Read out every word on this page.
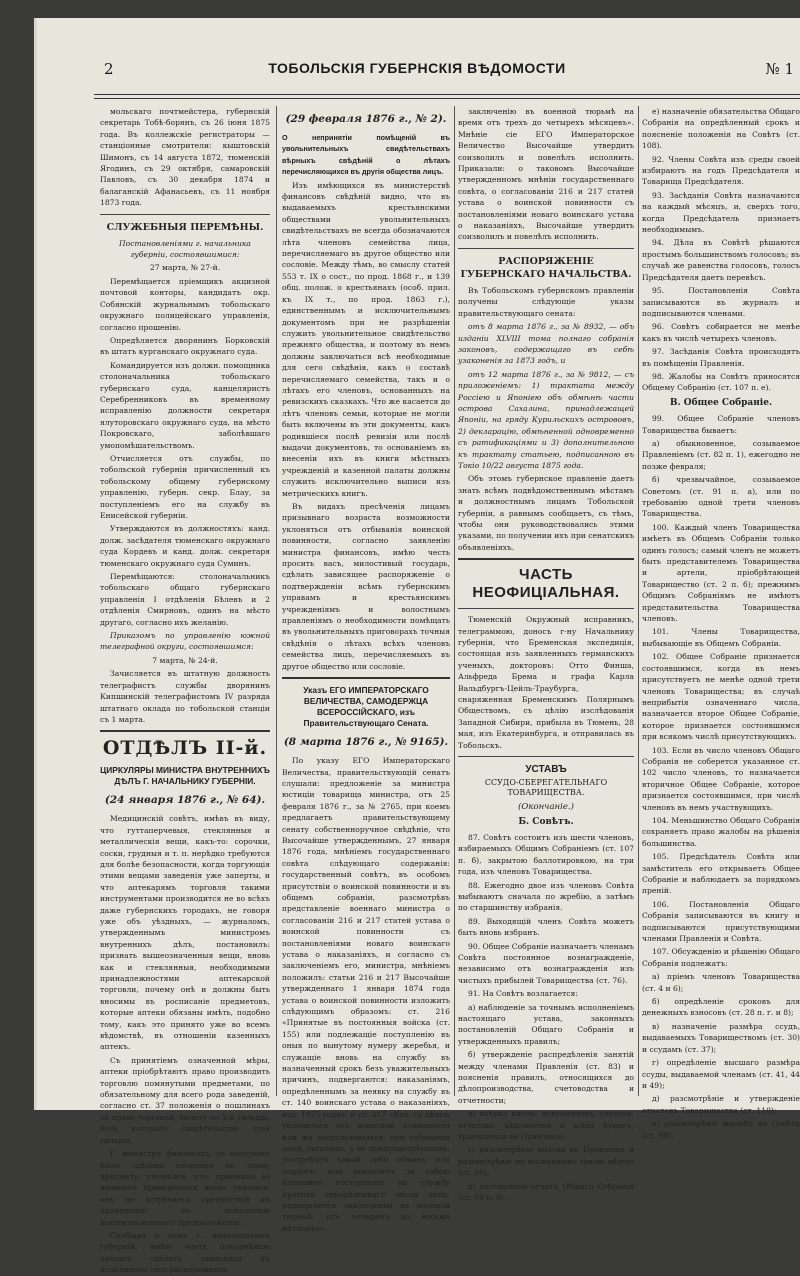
2	ТОБОЛЬСКІЯ ГУБЕРНСКІЯ ВѢДОМОСТИ	№ 1

мольскаго почтмейстера, губернскій секретарь Тобѣ-борянъ, съ 26 іюня 1875 года. Въ коллежскіе регистраторы — станціонные смотрители: кыштовскій Шимонъ, съ 14 августа 1872, тюменскій Ягодинъ, съ 29 октября, самаровскій Павловъ, съ 30 декабря 1874 и балаганскій Афанасьевъ, съ 11 ноября 1873 года.

СЛУЖЕБНЫЯ ПЕРЕМѢНЫ.

Постановленіями г. начальника губерніи, состоявшимися:

27 марта, № 27-й.

Перемѣщается пріемщикъ акцизной почтовой конторы, кандидатъ окр. Собянскій журнальнымъ тобольскаго окружнаго полицейскаго управленія, согласно прошенію.

Опредѣляется дворянинъ Борковскій въ штатъ курганскаго окружнаго суда.

Командируется изъ должн. помощника столоначальника тобольскаго губернскаго суда, канцеляристъ Серебренниковъ въ временному исправленію должности секретаря ялуторовскаго окружнаго суда, на мѣсто Покровскаго, заболѣвшаго умопомѣшательствомъ.

Отчисляется отъ службы, по тобольской губерніи причисленный къ тобольскому общему губернскому управленію, губерн. секр. Блау, за поступленіемъ его на службу въ Енисейской губерніи.

Утверждаются въ должностяхъ: канд. долж. засѣдателя тюменскаго окружнаго суда Кордевъ и канд. долж. секретаря тюменскаго окружнаго суда Суминъ.

Перемѣщаются: столоначальникъ тобольскаго общаго губернскаго управленія І отдѣленія Бѣлевъ и 2 отдѣленія Смирновъ, одинъ на мѣсто другаго, согласно ихъ желанію.

Приказомъ по управленію южной телеграфной округи, состоявшимся:

7 марта, № 24-й.

Зачисляется въ штатную должность телеграфистъ службы дворянинъ Кипшинскій телеграфистомъ IV разряда штатнаго оклада по тобольской станціи съ 1 марта.

ОТДѢЛЪ II-й.
ЦИРКУЛЯРЫ МИНИСТРА ВНУТРЕННИХЪ ДѢЛЪ Г. НАЧАЛЬНИКУ ГУБЕРНІИ.
(24 января 1876 г., № 64).

Медицинскій совѣтъ, имѣвъ въ виду, что гуттаперчевыя, стеклянныя и металлическія вещи, какъ-то: сорочки, соски, грудныя и т. п. нерѣдко требуются для болѣе безопасности, когда торгующія этими вещами заведенія уже заперты, и что аптекарямъ торговля такими инструментами производится не во всѣхъ даже губернскихъ городахъ, не говоря уже объ уѣздныхъ, — журналомъ, утвержденнымъ министромъ внутреннихъ дѣлъ, постановилъ: признать вышеозначенныя вещи, вновь как и стеклянныя, необходимыми принадлежностями аптекарской торговли, почему онѣ и должны быть вносимы въ росписаніе предметовъ, которые аптеки обязаны имѣть, подобно тому, какъ это принято уже во всемъ вѣдомствѣ, въ отношеніи казенныхъ аптекъ.

Съ принятіемъ означенной мѣры, аптеки пріобрѣтаютъ право производить торговлю помянутыми предметами, по обязательному для всего рода заведеній, согласно ст. 37 положенія о пошлинахъ за право торговли, билету по 2-й гильдіи, безъ котораго свидѣтельства этой гильдіи.

Г. министръ финансовъ, съ которымъ было сдѣлано сношеніе по этому предмету, отозвался, что, принимая во вниманіе приведенныя выше указанія, онъ не встрѣчаетъ препятствій къ приведенію въ исполненіе вышеизложеннаго предположенія.

Сообщая о семъ г. начальникамъ губерній, имѣю честь покорнѣйше просить сдѣлать зависящія къ исполненію сего распоряженія.

(29 февраля 1876 г., № 2).

О непринятіи помѣщеній въ увольнительныхъ свидѣтельствахъ вѣрныхъ свѣдѣній о лѣтахъ перечисляющихся въ другія общества лицъ.

Изъ имѣющихся въ министерствѣ финансовъ свѣдѣній видно, что въ выдаваемыхъ крестьянскими обществами увольнительныхъ свидѣтельствахъ не всегда обозначаются лѣта членовъ семейства лица, перечисляемаго въ другое общество или сословіе. Между тѣмъ, во смыслу статей 553 т. IX о сост., по прод. 1868 г., и 139 общ. полож. о крестьянахъ (особ. прил. къ IX т., по прод. 1863 г.), единственнымъ и исключительнымъ документомъ при не разрѣшеніи служить увольнительное свидѣтельство прежняго общества, и поэтому въ немъ должны заключаться всѣ необходимые для сего свѣдѣнія, какъ о составѣ перечисляемаго семейства, такъ и о лѣтахъ его членовъ, основанныхъ на ревизскихъ сказкахъ. Что же касается до лѣтъ членовъ семьи, которые не могли быть включены въ эти документы, какъ родившіеся послѣ ревизіи или послѣ выдачи документовъ, то основаніемъ въ внесеніи ихъ въ книги мѣстныхъ учрежденій и казенной палаты должны служить исключительно выписи изъ метрическихъ книгъ.

Въ видахъ пресѣченія лицамъ призывнаго возраста возможности уклоняться отъ отбыванія воинской повинности, согласно заявленію министра финансовъ, имѣю честь просить васъ, милостивый государь, сдѣлать зависящее распоряженіе о подтвержденіи всѣмъ губернскимъ управамъ и крестьянскимъ учрежденіямъ и волостнымъ правленіямъ о необходимости помѣщать въ увольнительныхъ приговорахъ точныя свѣдѣнія о лѣтахъ всѣхъ членовъ семейства лицъ, перечисляемыхъ въ другое общество или сословіе.

Указъ ЕГО ИМПЕРАТОРСКАГО ВЕЛИЧЕСТВА, САМОДЕРЖЦА ВСЕРОССІЙСКАГО, изъ Правительствующаго Сената.
(8 марта 1876 г., № 9165).

По указу ЕГО Императорскаго Величества, правительствующій сенатъ слушали: предложеніе за министра юстиціи товарища министра, отъ 25 февраля 1876 г., за № 2765, при коемъ предлагаетъ правительствующему сенату собственноручное свѣдѣніе, что Высочайше утвержденнымъ, 27 января 1876 года, мнѣніемъ государственнаго совѣта слѣдующаго содержанія: государственный совѣтъ, въ особомъ присутствіи о воинской повинности и въ общемъ собраніи, разсмотрѣвъ представленіе военнаго министра о согласованіи 216 и 217 статей устава о воинской повинности съ постановленіями новаго воинскаго устава о наказаніяхъ, и согласно съ заключеніемъ его, министра, мнѣніемъ положилъ: статьи 216 и 217 Высочайше утвержденнаго 1 января 1874 года устава о воинской повинности изложить слѣдующимъ образомъ: ст. 216 «Принятые въ постоянныя войска (ст. 155) или подлежащіе поступленію въ оныя по вынутому нумеру жеребья, и служащіе вновь на службу въ назначенный срокъ безъ уважительныхъ причинъ, подвергаются: наказаніямъ, опредѣленнымъ за неявку на службу въ ст. 140 воинскаго устава о наказаніяхъ, изд. 1875 года», и ст. 217 «Кто, съ цѣлью уклониться отъ воинской повинности или же воспользоваться, при отбываніи оной, льготами, а не предусмотрѣннымъ, употребитъ какой либо обманъ или подлогъ, или повлечетъ за собою излишнее поступленіе на службу противъ опредѣленнаго числа лицъ, подвергается заключенію въ военной тюрьмѣ, отъ четырехъ до восьми мѣсяцевъ».

заключенію въ военной тюрьмѣ на время отъ трехъ до четырехъ мѣсяцевъ». Мнѣніе сіе ЕГО Императорское Величество Высочайше утвердить соизволилъ и повелѣлъ исполнить. Приказали: о таковомъ Высочайше утвержденномъ мнѣніи государственнаго совѣта, о согласованіи 216 и 217 статей устава о воинской повинности съ постановленіями новаго воинскаго устава о наказаніяхъ, Высочайше утвердить соизволилъ и повелѣлъ исполнить.

РАСПОРЯЖЕНІЕ ГУБЕРНСКАГО НАЧАЛЬСТВА.

Въ Тобольскомъ губернскомъ правленіи получены слѣдующіе указы правительствующаго сената:

отъ 8 марта 1876 г., за № 8932, — объ изданіи XLVIII тома полнаго собранія законовъ, содержащаго въ себѣ узаконенія за 1873 годъ, и

отъ 12 марта 1876 г., за № 9812, — съ приложеніемъ: 1) трактата между Россіею и Японіею объ обмѣнѣ части острова Сахалина, принадлежащей Японіи, на гряду Курильскихъ острововъ, 2) декларацію, обмѣненной одновременно съ ратификаціями и 3) дополнительною къ трактату статьею, подписанною въ Токіо 10/22 августа 1875 года.

Объ этомъ губернское правленіе даетъ знать всѣмъ подвѣдомственнымъ мѣстамъ и должностнымъ лицамъ Тобольской губерніи, а равнымъ сообщаетъ, съ тѣмъ, чтобы они руководствовались этими указами, по получении ихъ при сенатскихъ объявленіяхъ.

ЧАСТЬ НЕОФИЦІАЛЬНАЯ.

Тюменскій Окружный исправникъ, телеграммою, доносъ г-ну Начальнику губерніи, что Бременская экспедиція, состоящая изъ заявленныхъ германскихъ ученыхъ, докторовъ: Отто Финша, Альфреда Брема и графа Карла Вальдбургъ-Цейль-Траубурга, снаряженная Бременскимъ Полярнымъ Обществомъ, съ цѣлію изслѣдованія Западной Сибири, прибыла въ Тюмень, 28 мая, изъ Екатеринбурга, и отправилась въ Тобольскъ.

УСТАВЪ
ССУДО-СБЕРЕГАТЕЛЬНАГО ТОВАРИЩЕСТВА.
(Окончаніе.)
Б. Совѣтъ.

87. Совѣтъ состоитъ изъ шести членовъ, избираемыхъ Общимъ Собраніемъ (ст. 107 п. б), закрытою баллотировкою, на три года, изъ членовъ Товарищества.

88. Ежегодно двое изъ членовъ Совѣта выбываютъ сначала по жребію, а затѣмъ по старшинству избранія.

89. Выходящій членъ Совѣта можетъ быть вновь избранъ.

90. Общее Собраніе назначаетъ членамъ Совѣта постоянное вознагражденіе, независимо отъ вознагражденія изъ чистыхъ прибылей Товарищества (ст. 76).

91. На Совѣтъ возлагается:

а) наблюденіе за точнымъ исполненіемъ настоящаго устава, законныхъ постановленій Общаго Собранія и утвержденныхъ правилъ;

б) утвержденіе распредѣленія занятій между членами Правленія (ст. 83) и поясненія правилъ, относящихся до дѣлопроизводства, счетоводства и отчетности;

в) поѣрка кассы, документовъ, счетовъ, отчетовъ, вѣдомостей и всѣхъ бумагъ, хранящихся въ Правленіи;

г) разсмотрѣніе вызова въ Правленіе и разсмотрѣніе не вызванныхъ такою мѣрою (ст. 86);

д) составленіе отчета Общаго Собранія (ст. 99 п. б).

е) назначеніе обязательства Общаго Собранія на опредѣленный срокъ и поясненіе положенія на Совѣтъ (ст. 108).

92. Члены Совѣта изъ среды своей избираютъ на годъ Предсѣдателя и Товарища Предсѣдателя.

93. Засѣданія Совѣта назначаются на каждый мѣсяцъ, и, сверхъ того, когда Предсѣдатель признаетъ необходимымъ.

94. Дѣла въ Совѣтѣ рѣшаются простымъ большинствомъ голосовъ; въ случаѣ же равенства голосовъ, голосъ Предсѣдателя даетъ перевѣсъ.

95. Постановленія Совѣта записываются въ журналъ и подписываются членами.

96. Совѣтъ собирается не менѣе какъ въ числѣ четырехъ членовъ.

97. Засѣданія Совѣта происходятъ въ помѣщеніи Правленія.

98. Жалобы на Совѣтъ приносятся Общему Собранію (ст. 107 п. е).

В. Общее Собраніе.

99. Общее Собраніе членовъ Товарищества бываетъ:

а) обыкновенное, созываемое Правленіемъ (ст. 82 п. 1), ежегодно не позже февраля;

б) чрезвычайное, созываемое Советомъ (ст. 91 п. а), или по требованію одной трети членовъ Товарищества.

100. Каждый членъ Товарищества имѣетъ въ Общемъ Собраніи только одинъ голосъ; самый членъ не можетъ быть представителемъ Товарищества и артели, пріобрѣтающей Товарищество (ст. 2 п. б); прежнимъ Общимъ Собраніямъ не имѣютъ представительства Товарищества членовъ.

101. Члены Товарищества, выбывающіе въ Общемъ Собраніи.

102. Общее Собраніе признается состоявшимся, когда въ немъ присутствуетъ не менѣе одной трети членовъ Товарищества; въ случаѣ неприбытія означеннаго числа, назначается второе Общее Собраніе, которое признается состоявшимся при всякомъ числѣ присутствующихъ.

103. Если въ число членовъ Общаго Собранія не соберется указанное ст. 102 число членовъ, то назначается вторичное Общее Собраніе, которое признается состоявшимся, при числѣ членовъ въ немъ участвующихъ.

104. Меньшинство Общаго Собранія сохраняетъ право жалобы на рѣшенія большинства.

105. Предсѣдатель Совѣта или замѣститель его открываетъ Общее Собраніе и наблюдаетъ за порядкомъ преній.

106. Постановленія Общаго Собранія записываются въ книгу и подписываются присутствующими членами Правленія и Совѣта.

107. Обсужденію и рѣшенію Общаго Собранія подлежатъ:

а) пріемъ членовъ Товарищества (ст. 4 и 6);

б) опредѣленіе сроковъ для денежныхъ взносовъ (ст. 28 п. г. и 8);

в) назначеніе размѣра ссудъ, выдаваемыхъ Товариществомъ (ст. 30) и ссудамъ (ст. 37);

г) опредѣленіе высшаго размѣра ссуды, выдаваемой членамъ (ст. 41, 44 и 49);

д) разсмотрѣніе и утвержденіе отчетовъ Товарищества (ст. 110);

е) разсмотрѣніе жалобъ на Совѣтъ (ст. 98).
